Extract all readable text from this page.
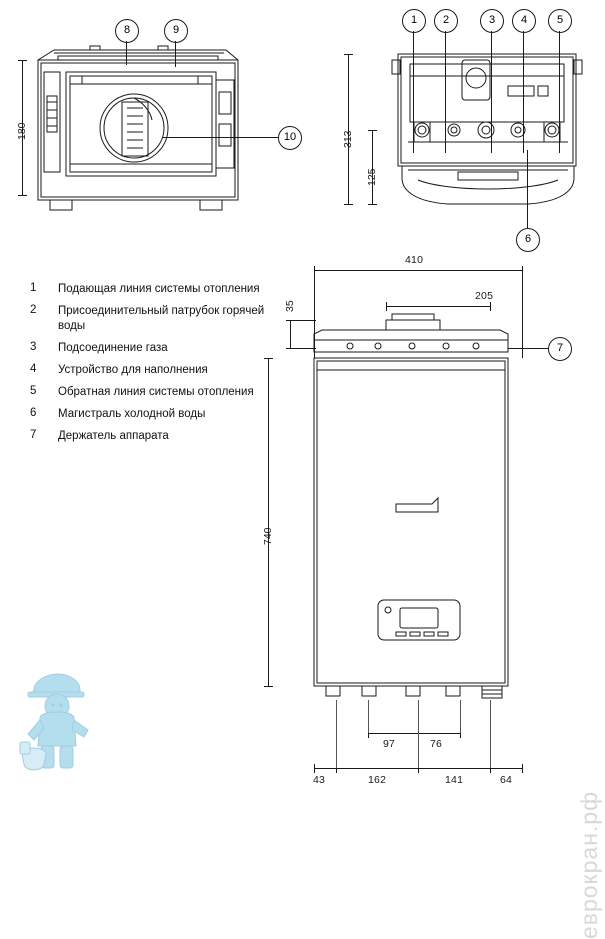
180
8	9
10
1	2	3	4	5
6
313
125
1	Подающая линия системы отопления
2	Присоединительный патрубок горячей воды
3	Подсоединение газа
4	Устройство для наполнения
5	Обратная линия системы отопления
6	Магистраль холодной воды
7	Держатель аппарата
7
410
205
35
740
97	76
43	162	141	64
еврокран.рф
